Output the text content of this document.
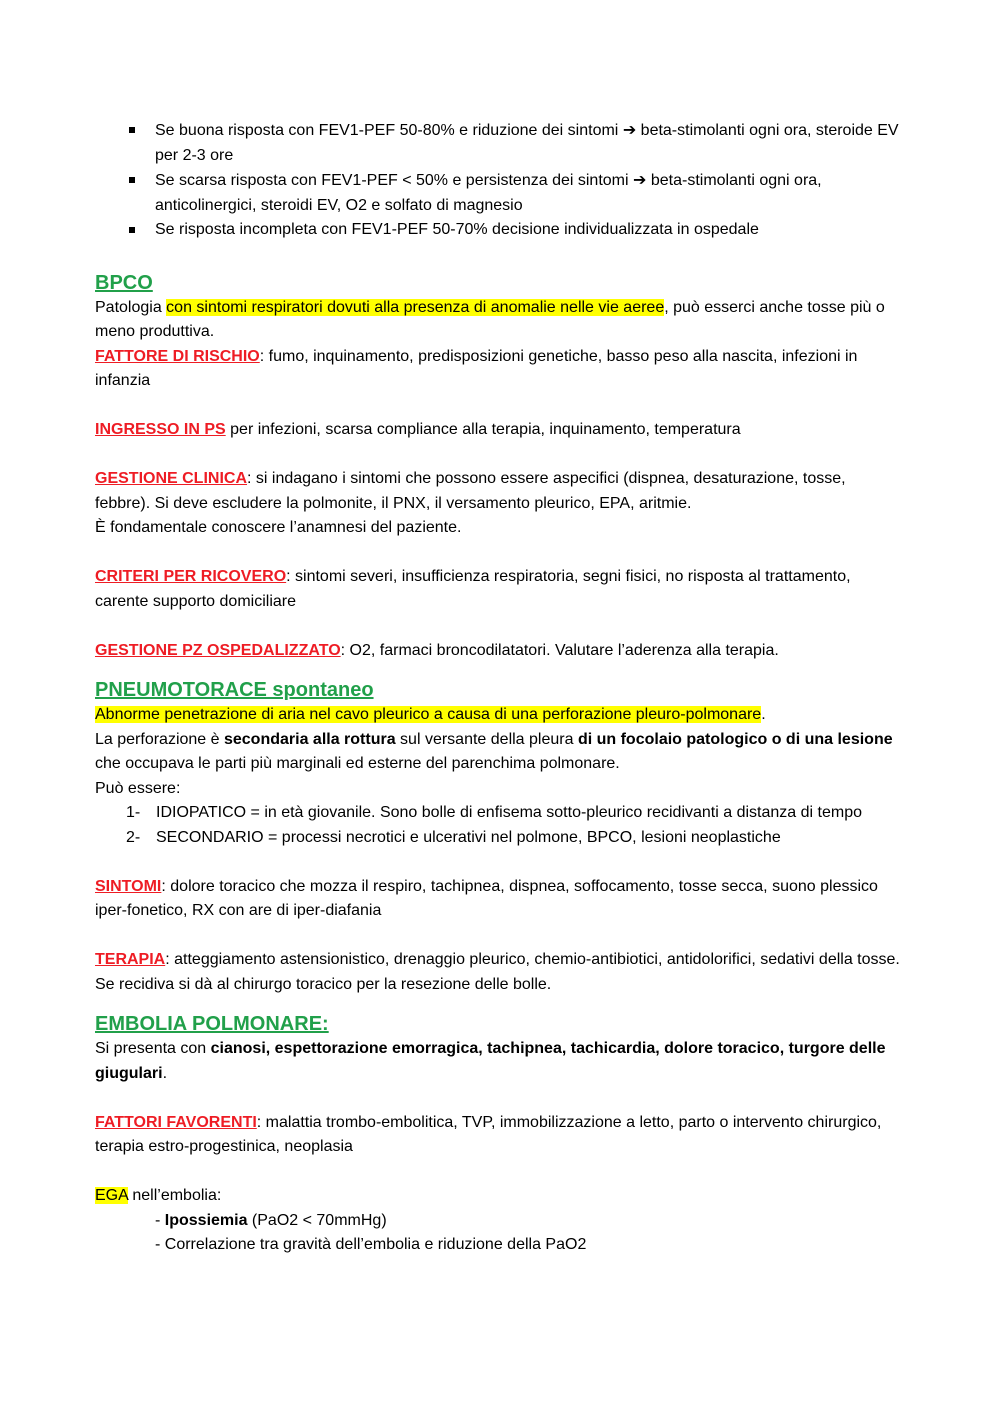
Se buona risposta con FEV1-PEF 50-80% e riduzione dei sintomi ➔ beta-stimolanti ogni ora, steroide EV per 2-3 ore
Se scarsa risposta con FEV1-PEF < 50% e persistenza dei sintomi ➔ beta-stimolanti ogni ora, anticolinergici, steroidi EV, O2 e solfato di magnesio
Se risposta incompleta con FEV1-PEF 50-70% decisione individualizzata in ospedale

BPCO

Patologia con sintomi respiratori dovuti alla presenza di anomalie nelle vie aeree, può esserci anche tosse più o meno produttiva.

FATTORE DI RISCHIO: fumo, inquinamento, predisposizioni genetiche, basso peso alla nascita, infezioni in infanzia

INGRESSO IN PS per infezioni, scarsa compliance alla terapia, inquinamento, temperatura

GESTIONE CLINICA: si indagano i sintomi che possono essere aspecifici (dispnea, desaturazione, tosse, febbre). Si deve escludere la polmonite, il PNX, il versamento pleurico, EPA, aritmie.

È fondamentale conoscere l’anamnesi del paziente.

CRITERI PER RICOVERO: sintomi severi, insufficienza respiratoria, segni fisici, no risposta al trattamento, carente supporto domiciliare

GESTIONE PZ OSPEDALIZZATO: O2, farmaci broncodilatatori. Valutare l’aderenza alla terapia.

PNEUMOTORACE spontaneo

Abnorme penetrazione di aria nel cavo pleurico a causa di una perforazione pleuro-polmonare.

La perforazione è secondaria alla rottura sul versante della pleura di un focolaio patologico o di una lesione che occupava le parti più marginali ed esterne del parenchima polmonare.

Può essere:

1- IDIOPATICO = in età giovanile. Sono bolle di enfisema sotto-pleurico recidivanti a distanza di tempo
2- SECONDARIO = processi necrotici e ulcerativi nel polmone, BPCO, lesioni neoplastiche

SINTOMI: dolore toracico che mozza il respiro, tachipnea, dispnea, soffocamento, tosse secca, suono plessico iper-fonetico, RX con are di iper-diafania

TERAPIA: atteggiamento astensionistico, drenaggio pleurico, chemio-antibiotici, antidolorifici, sedativi della tosse.

Se recidiva si dà al chirurgo toracico per la resezione delle bolle.

EMBOLIA POLMONARE:

Si presenta con cianosi, espettorazione emorragica, tachipnea, tachicardia, dolore toracico, turgore delle giugulari.

FATTORI FAVORENTI: malattia trombo-embolitica, TVP, immobilizzazione a letto, parto o intervento chirurgico, terapia estro-progestinica, neoplasia

EGA nell’embolia:

- Ipossiemia (PaO2 < 70mmHg)

- Correlazione tra gravità dell’embolia e riduzione della PaO2
